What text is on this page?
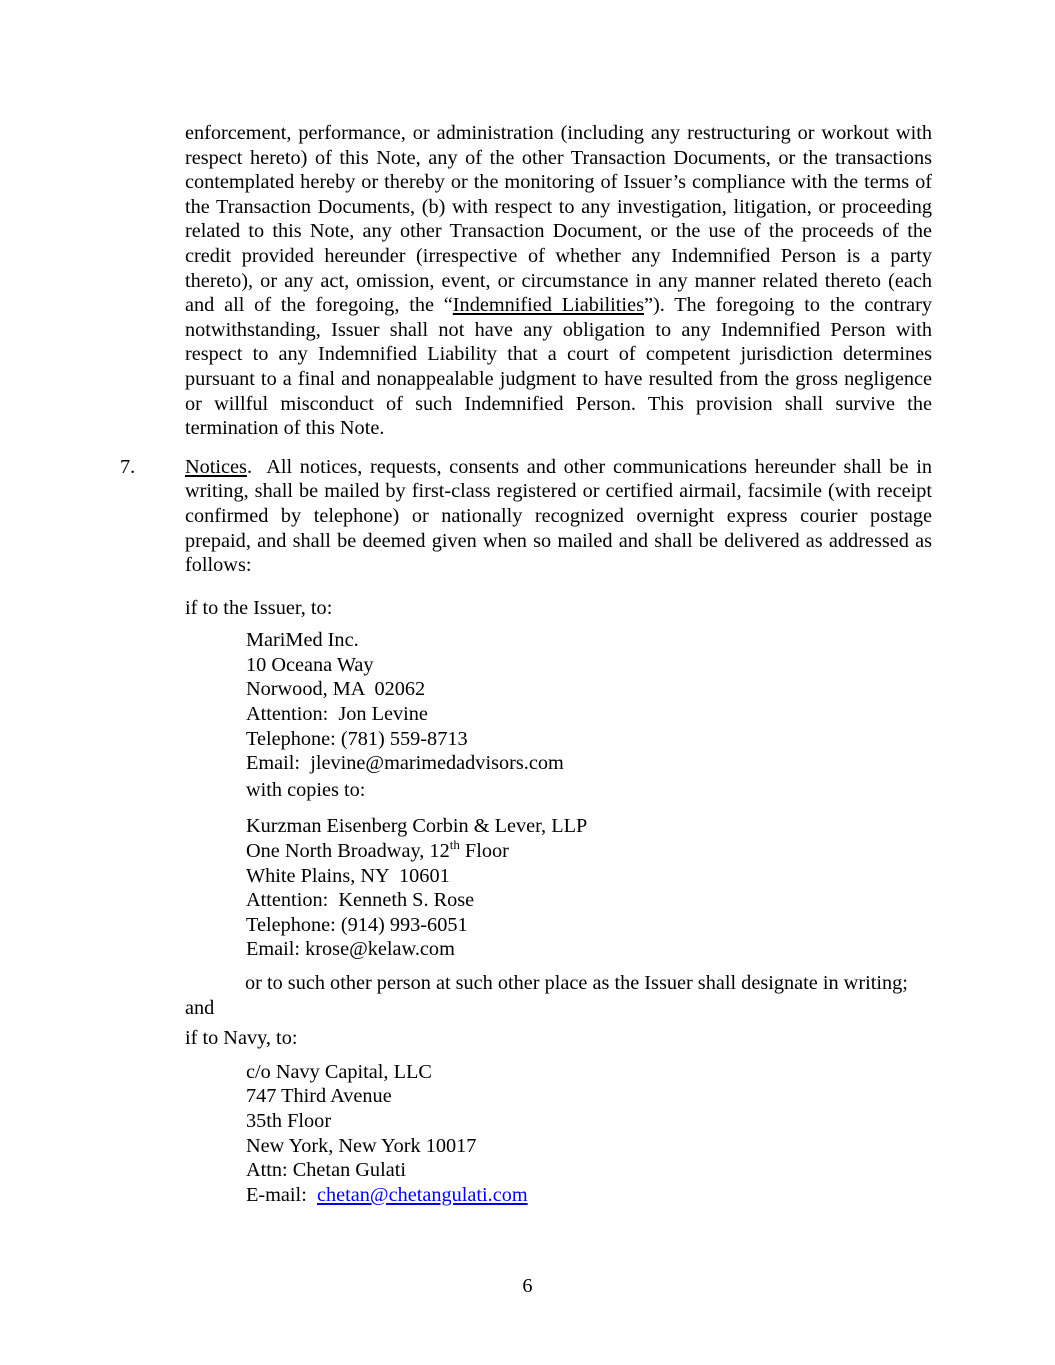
enforcement, performance, or administration (including any restructuring or workout with respect hereto) of this Note, any of the other Transaction Documents, or the transactions contemplated hereby or thereby or the monitoring of Issuer’s compliance with the terms of the Transaction Documents, (b) with respect to any investigation, litigation, or proceeding related to this Note, any other Transaction Document, or the use of the proceeds of the credit provided hereunder (irrespective of whether any Indemnified Person is a party thereto), or any act, omission, event, or circumstance in any manner related thereto (each and all of the foregoing, the “Indemnified Liabilities”). The foregoing to the contrary notwithstanding, Issuer shall not have any obligation to any Indemnified Person with respect to any Indemnified Liability that a court of competent jurisdiction determines pursuant to a final and nonappealable judgment to have resulted from the gross negligence or willful misconduct of such Indemnified Person. This provision shall survive the termination of this Note.

7. Notices.  All notices, requests, consents and other communications hereunder shall be in writing, shall be mailed by first-class registered or certified airmail, facsimile (with receipt confirmed by telephone) or nationally recognized overnight express courier postage prepaid, and shall be deemed given when so mailed and shall be delivered as addressed as follows:

if to the Issuer, to:

MariMed Inc.
10 Oceana Way
Norwood, MA  02062
Attention:  Jon Levine
Telephone: (781) 559-8713
Email:  jlevine@marimedadvisors.com

with copies to:

Kurzman Eisenberg Corbin & Lever, LLP
One North Broadway, 12th Floor
White Plains, NY  10601
Attention:  Kenneth S. Rose
Telephone: (914) 993-6051
Email: krose@kelaw.com
or to such other person at such other place as the Issuer shall designate in writing;
and

if to Navy, to:

c/o Navy Capital, LLC
747 Third Avenue
35th Floor
New York, New York 10017
Attn: Chetan Gulati
E-mail:  chetan@chetangulati.com
6
